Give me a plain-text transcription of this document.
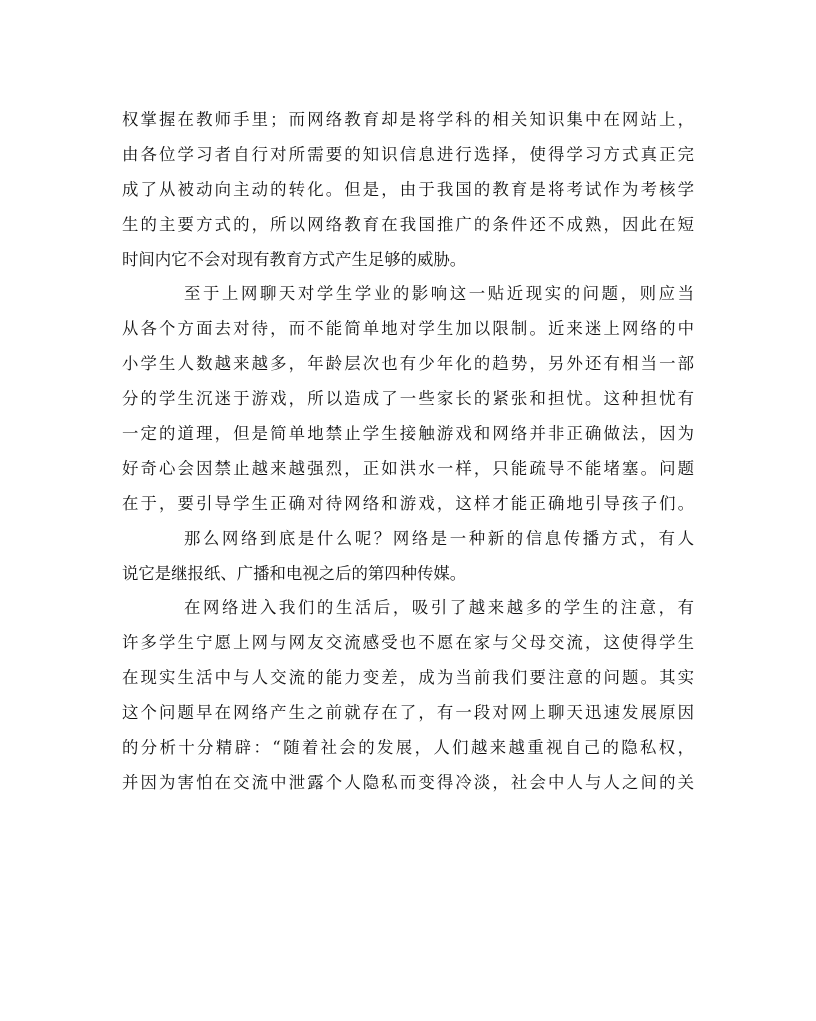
权掌握在教师手里；而网络教育却是将学科的相关知识集中在网站上，
由各位学习者自行对所需要的知识信息进行选择，使得学习方式真正完
成了从被动向主动的转化。但是，由于我国的教育是将考试作为考核学
生的主要方式的，所以网络教育在我国推广的条件还不成熟，因此在短
时间内它不会对现有教育方式产生足够的威胁。
至于上网聊天对学生学业的影响这一贴近现实的问题，则应当
从各个方面去对待，而不能简单地对学生加以限制。近来迷上网络的中
小学生人数越来越多，年龄层次也有少年化的趋势，另外还有相当一部
分的学生沉迷于游戏，所以造成了一些家长的紧张和担忧。这种担忧有
一定的道理，但是简单地禁止学生接触游戏和网络并非正确做法，因为
好奇心会因禁止越来越强烈，正如洪水一样，只能疏导不能堵塞。问题
在于，要引导学生正确对待网络和游戏，这样才能正确地引导孩子们。
那么网络到底是什么呢？网络是一种新的信息传播方式，有人
说它是继报纸、广播和电视之后的第四种传媒。
在网络进入我们的生活后，吸引了越来越多的学生的注意，有
许多学生宁愿上网与网友交流感受也不愿在家与父母交流，这使得学生
在现实生活中与人交流的能力变差，成为当前我们要注意的问题。其实
这个问题早在网络产生之前就存在了，有一段对网上聊天迅速发展原因
的分析十分精辟：“随着社会的发展，人们越来越重视自己的隐私权，
并因为害怕在交流中泄露个人隐私而变得冷淡，社会中人与人之间的关
